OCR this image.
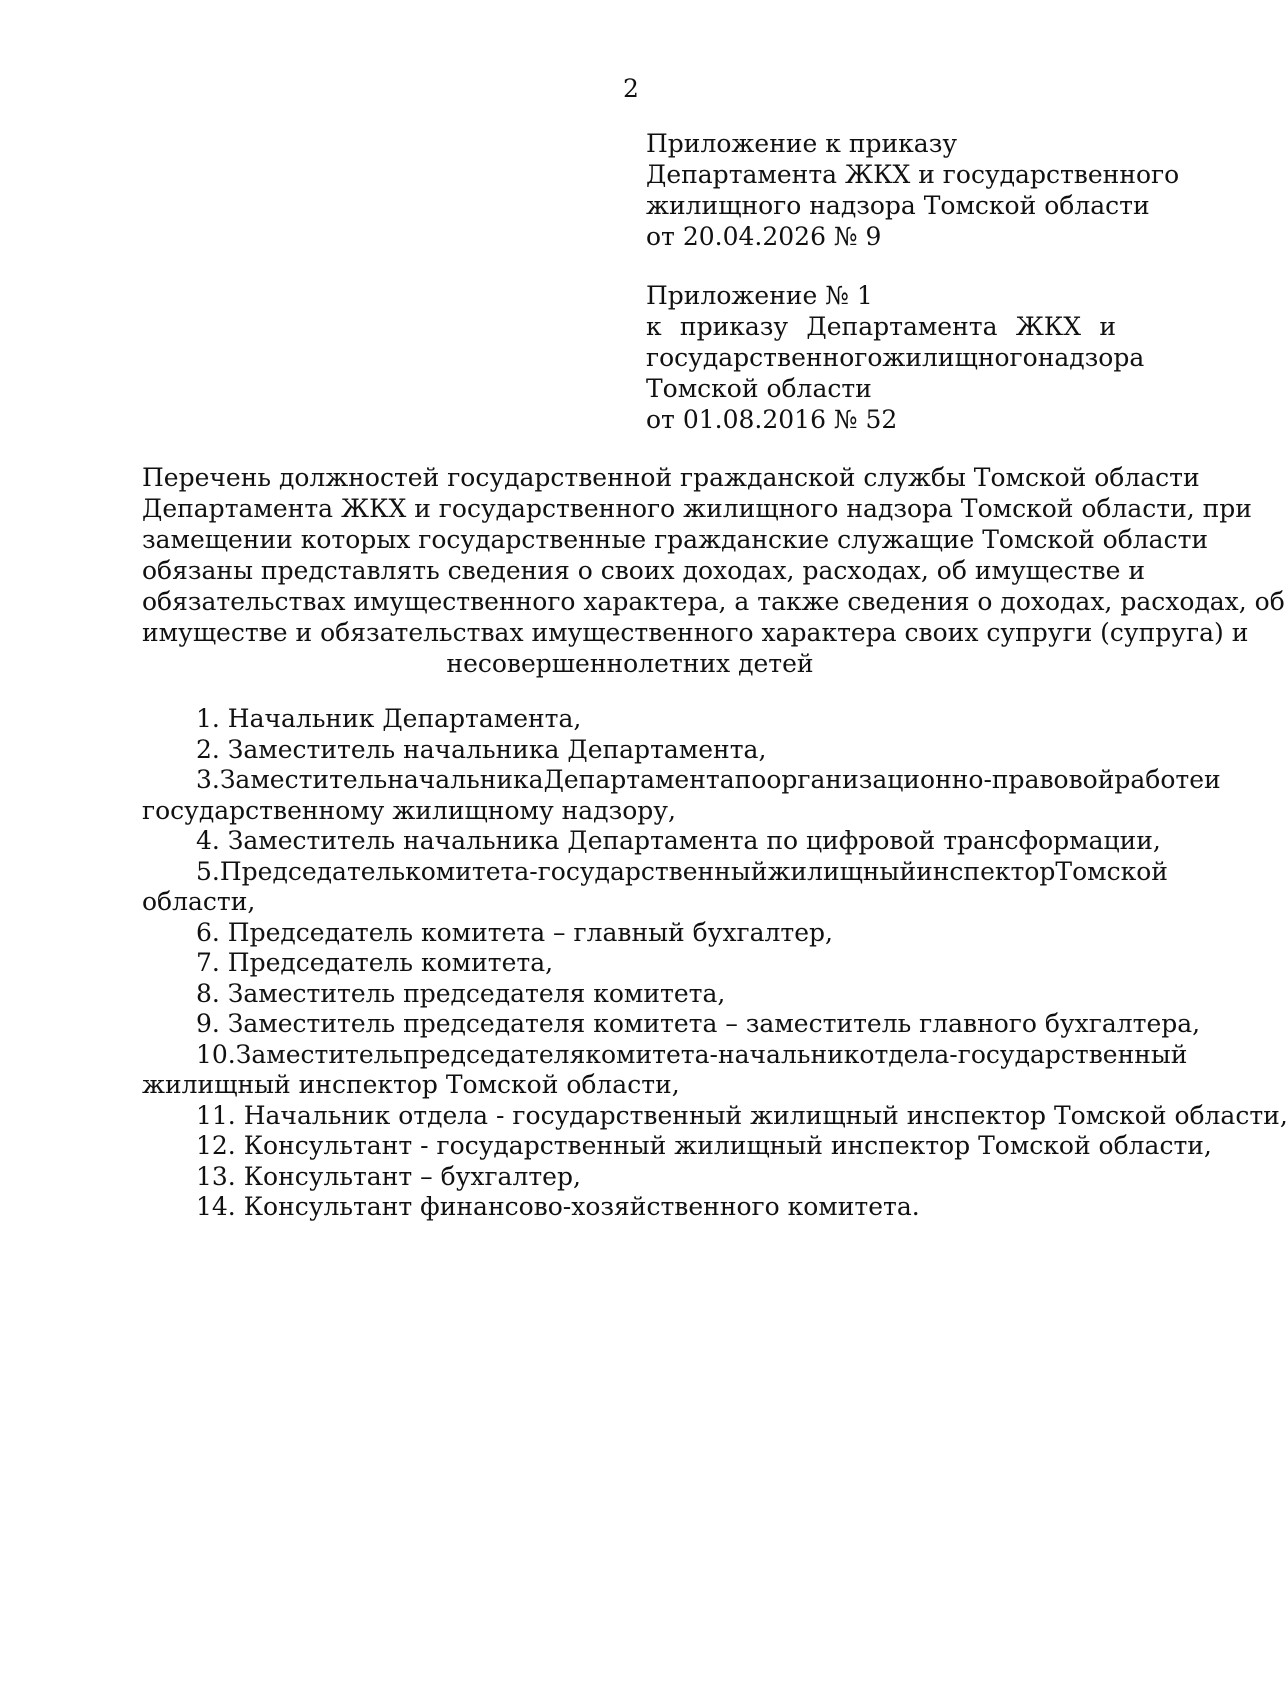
2
Приложение к приказу
Департамента ЖКХ и государственного
жилищного надзора Томской области
от 20.04.2026 № 9
Приложение № 1
к приказу Департамента ЖКХ и
государственного жилищного надзора
Томской области
от 01.08.2016 № 52
Перечень должностей государственной гражданской службы Томской области
Департамента ЖКХ и государственного жилищного надзора Томской области, при
замещении которых государственные гражданские служащие Томской области
обязаны представлять сведения о своих доходах, расходах, об имуществе и
обязательствах имущественного характера, а также сведения о доходах, расходах, об
имуществе и обязательствах имущественного характера своих супруги (супруга) и
несовершеннолетних детей
1. Начальник Департамента,
2. Заместитель начальника Департамента,
3. Заместитель начальника Департамента по организационно-правовой работе и
государственному жилищному надзору,
4. Заместитель начальника Департамента по цифровой трансформации,
5. Председатель комитета - государственный жилищный инспектор Томской
области,
6. Председатель комитета – главный бухгалтер,
7. Председатель комитета,
8. Заместитель председателя комитета,
9. Заместитель председателя комитета – заместитель главного бухгалтера,
10. Заместитель председателя комитета - начальник отдела - государственный
жилищный инспектор Томской области,
11. Начальник отдела - государственный жилищный инспектор Томской области,
12. Консультант - государственный жилищный инспектор Томской области,
13. Консультант – бухгалтер,
14. Консультант финансово-хозяйственного комитета.
